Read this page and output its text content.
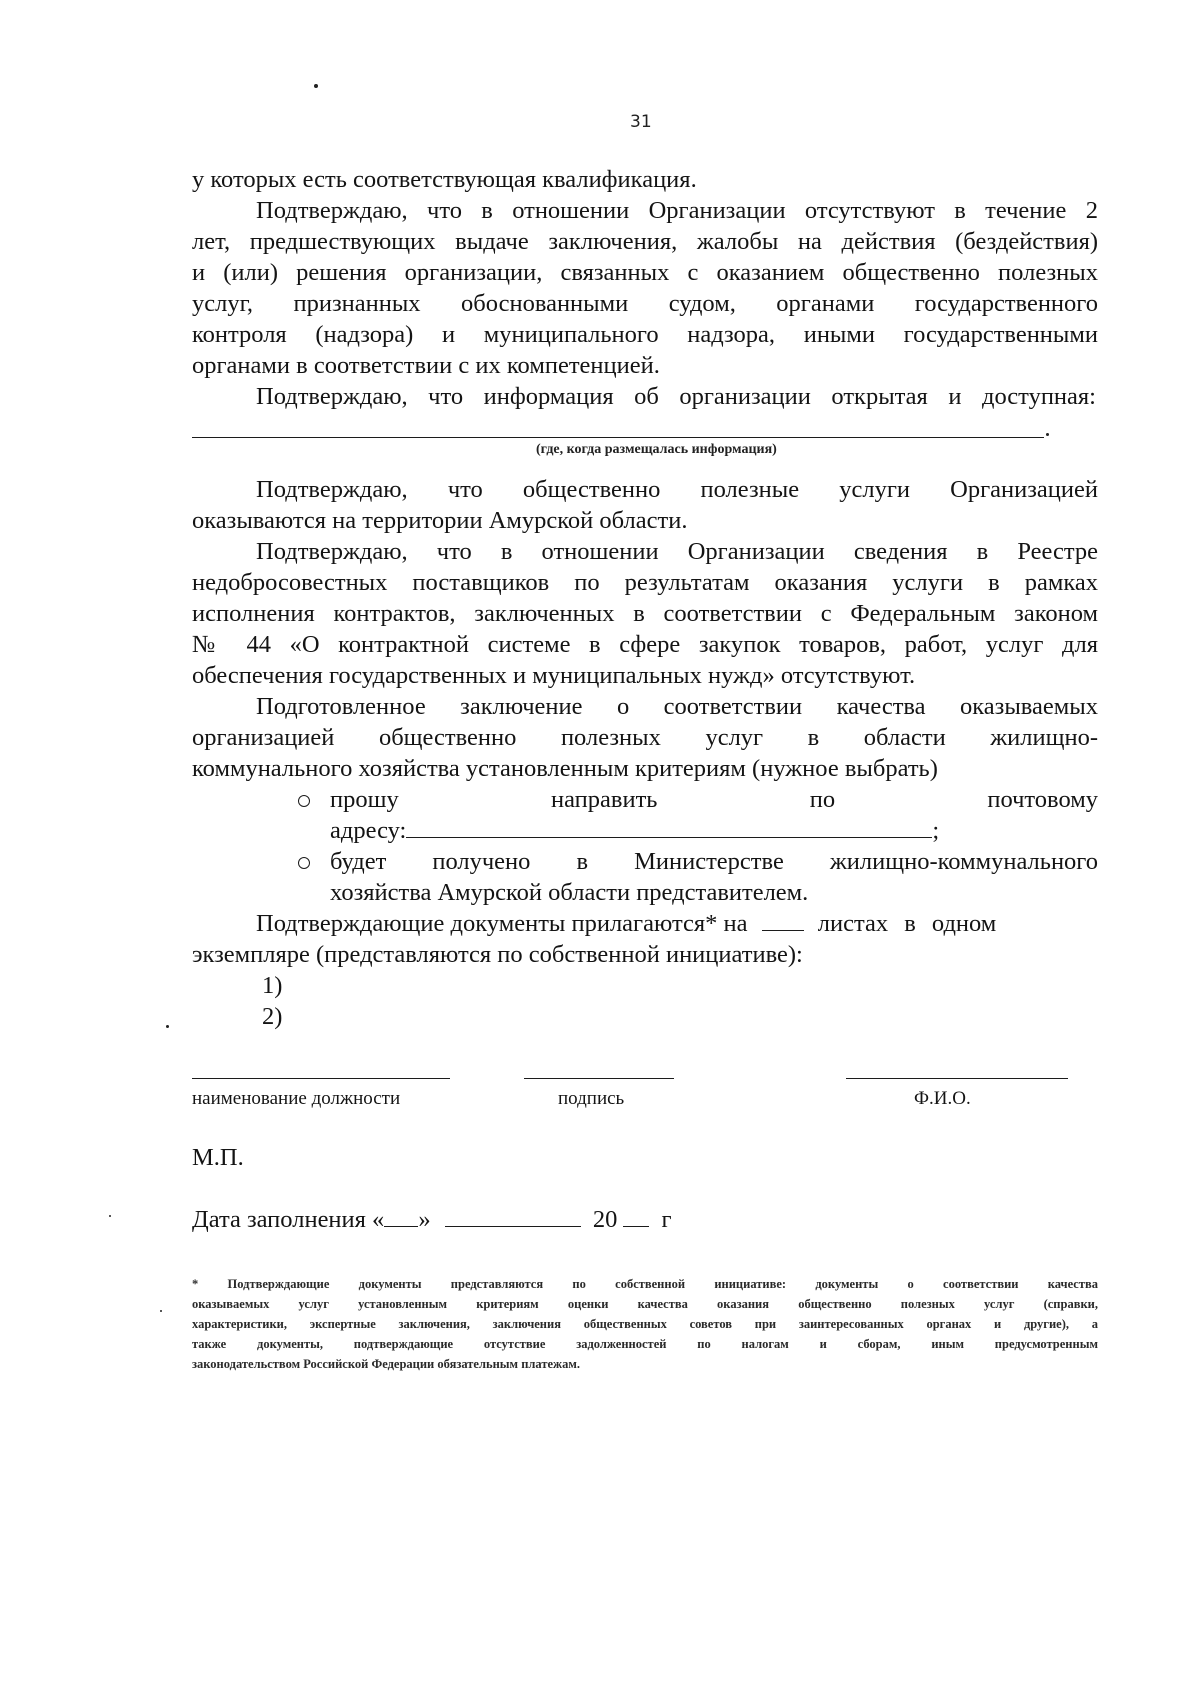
31
у которых есть соответствующая квалификация.
Подтверждаю, что в отношении Организации отсутствуют в течение 2
лет, предшествующих выдаче заключения, жалобы на действия (бездействия)
и (или) решения организации, связанных с оказанием общественно полезных
услуг, признанных обоснованными судом, органами государственного
контроля (надзора) и муниципального надзора, иными государственными
органами в соответствии с их компетенцией.
Подтверждаю, что информация об организации открытая и доступная:
(где, когда размещалась информация)
Подтверждаю, что общественно полезные услуги Организацией
оказываются на территории Амурской области.
Подтверждаю, что в отношении Организации сведения в Реестре
недобросовестных поставщиков по результатам оказания услуги в рамках
исполнения контрактов, заключенных в соответствии с Федеральным законом
№ 44 «О контрактной системе в сфере закупок товаров, работ, услуг для
обеспечения государственных и муниципальных нужд» отсутствуют.
Подготовленное заключение о соответствии качества оказываемых
организацией общественно полезных услуг в области жилищно-
коммунального хозяйства установленным критериям (нужное выбрать)
прошу направить по почтовому
адресу:	;
будет получено в Министерстве жилищно-коммунального
хозяйства Амурской области представителем.
Подтверждающие документы прилагаются* на	листах в одном
экземпляре (представляются по собственной инициативе):
1)
2)
наименование должности	подпись	Ф.И.О.
М.П.
Дата заполнения « »	20 г
* Подтверждающие документы представляются по собственной инициативе: документы о соответствии качества
оказываемых услуг установленным критериям оценки качества оказания общественно полезных услуг (справки,
характеристики, экспертные заключения, заключения общественных советов при заинтересованных органах и другие), а
также документы, подтверждающие отсутствие задолженностей по налогам и сборам, иным предусмотренным
законодательством Российской Федерации обязательным платежам.
